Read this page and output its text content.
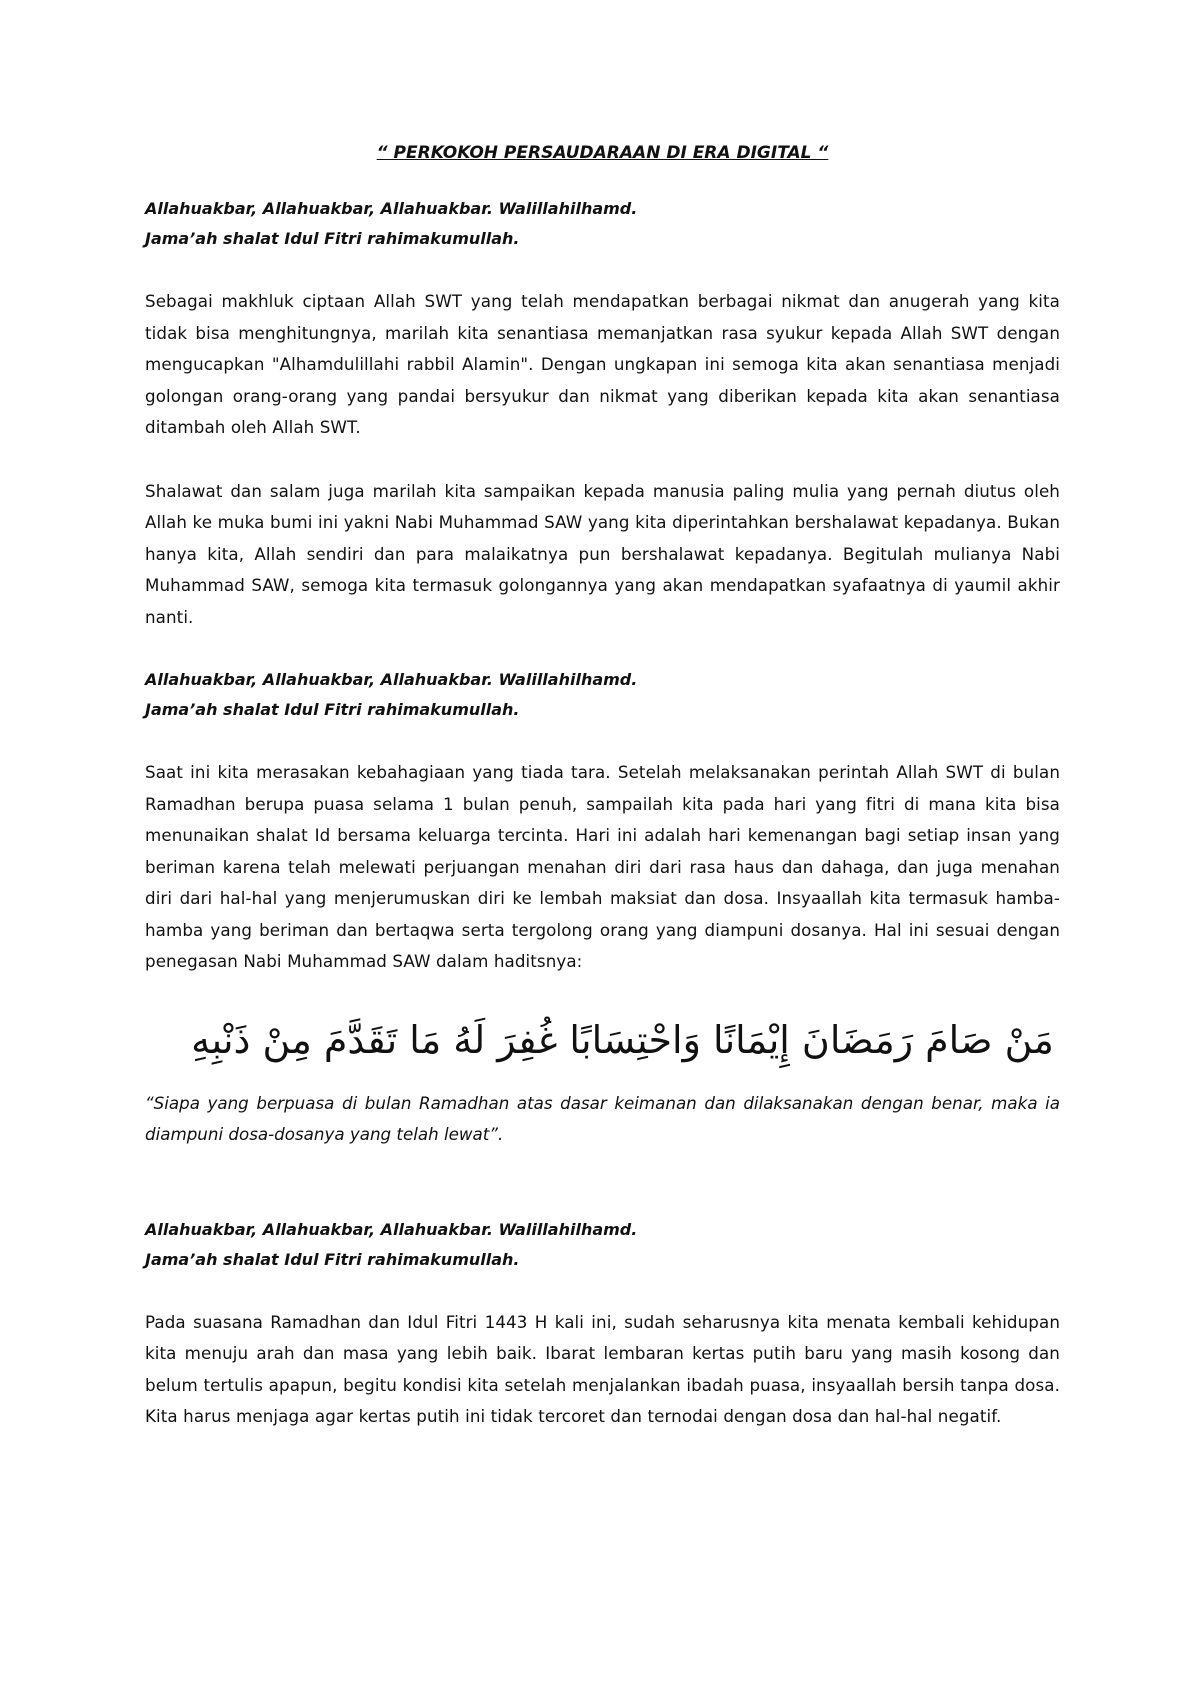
“ PERKOKOH PERSAUDARAAN DI ERA DIGITAL “
Allahuakbar, Allahuakbar, Allahuakbar. Walillahilhamd.
Jama’ah shalat Idul Fitri rahimakumullah.

Sebagai makhluk ciptaan Allah SWT yang telah mendapatkan berbagai nikmat dan anugerah yang kita tidak bisa menghitungnya, marilah kita senantiasa memanjatkan rasa syukur kepada Allah SWT dengan mengucapkan "Alhamdulillahi rabbil Alamin". Dengan ungkapan ini semoga kita akan senantiasa menjadi golongan orang-orang yang pandai bersyukur dan nikmat yang diberikan kepada kita akan senantiasa ditambah oleh Allah SWT.

Shalawat dan salam juga marilah kita sampaikan kepada manusia paling mulia yang pernah diutus oleh Allah ke muka bumi ini yakni Nabi Muhammad SAW yang kita diperintahkan bershalawat kepadanya. Bukan hanya kita, Allah sendiri dan para malaikatnya pun bershalawat kepadanya. Begitulah mulianya Nabi Muhammad SAW, semoga kita termasuk golongannya yang akan mendapatkan syafaatnya di yaumil akhir nanti.

Allahuakbar, Allahuakbar, Allahuakbar. Walillahilhamd.
Jama’ah shalat Idul Fitri rahimakumullah.

Saat ini kita merasakan kebahagiaan yang tiada tara. Setelah melaksanakan perintah Allah SWT di bulan Ramadhan berupa puasa selama 1 bulan penuh, sampailah kita pada hari yang fitri di mana kita bisa menunaikan shalat Id bersama keluarga tercinta. Hari ini adalah hari kemenangan bagi setiap insan yang beriman karena telah melewati perjuangan menahan diri dari rasa haus dan dahaga, dan juga menahan diri dari hal-hal yang menjerumuskan diri ke lembah maksiat dan dosa. Insyaallah kita termasuk hamba-hamba yang beriman dan bertaqwa serta tergolong orang yang diampuni dosanya. Hal ini sesuai dengan penegasan Nabi Muhammad SAW dalam haditsnya:

مَنْ صَامَ رَمَضَانَ إِيْمَانًا وَاحْتِسَابًا غُفِرَ لَهُ مَا تَقَدَّمَ مِنْ ذَنْبِهِ

“Siapa yang berpuasa di bulan Ramadhan atas dasar keimanan dan dilaksanakan dengan benar, maka ia diampuni dosa-dosanya yang telah lewat”.

Allahuakbar, Allahuakbar, Allahuakbar. Walillahilhamd.
Jama’ah shalat Idul Fitri rahimakumullah.

Pada suasana Ramadhan dan Idul Fitri 1443 H kali ini, sudah seharusnya kita menata kembali kehidupan kita menuju arah dan masa yang lebih baik. Ibarat lembaran kertas putih baru yang masih kosong dan belum tertulis apapun, begitu kondisi kita setelah menjalankan ibadah puasa, insyaallah bersih tanpa dosa. Kita harus menjaga agar kertas putih ini tidak tercoret dan ternodai dengan dosa dan hal-hal negatif.
